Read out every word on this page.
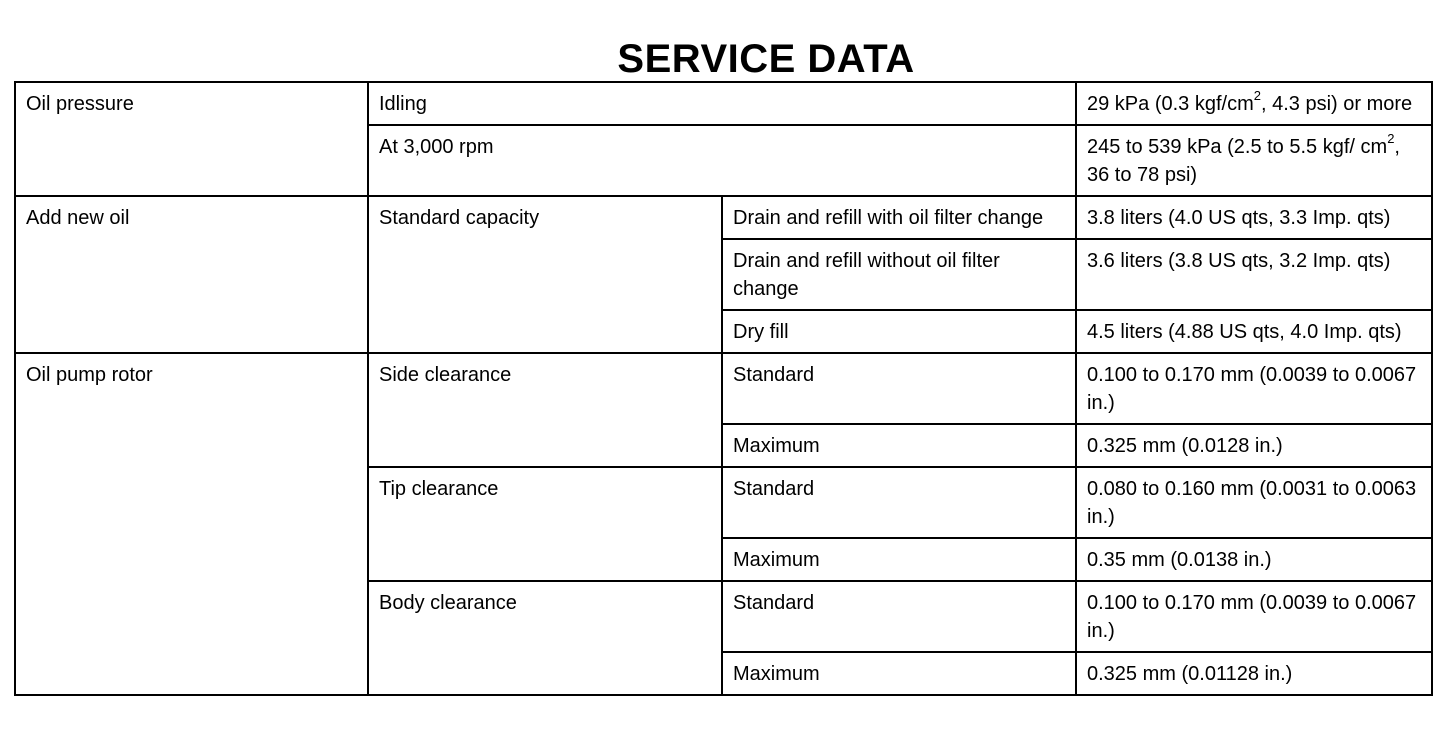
SERVICE DATA
Oil pressure	Idling		29 kPa (0.3 kgf/$cm^2$, 4.3 psi) or more
	At 3,000 rpm		245 to 539 kPa (2.5 to 5.5 kgf/ $cm^2$, 36 to 78 psi)
Add new oil	Standard capacity	Drain and refill with oil filter change	3.8 liters (4.0 US qts, 3.3 Imp. qts)
		Drain and refill without oil filter change	3.6 liters (3.8 US qts, 3.2 Imp. qts)
		Dry fill	4.5 liters (4.88 US qts, 4.0 Imp. qts)
Oil pump rotor	Side clearance	Standard	0.100 to 0.170 mm (0.0039 to 0.0067 in.)
		Maximum	0.325 mm (0.0128 in.)
	Tip clearance	Standard	0.080 to 0.160 mm (0.0031 to 0.0063 in.)
		Maximum	0.35 mm (0.0138 in.)
	Body clearance	Standard	0.100 to 0.170 mm (0.0039 to 0.0067 in.)
		Maximum	0.325 mm (0.01128 in.)
